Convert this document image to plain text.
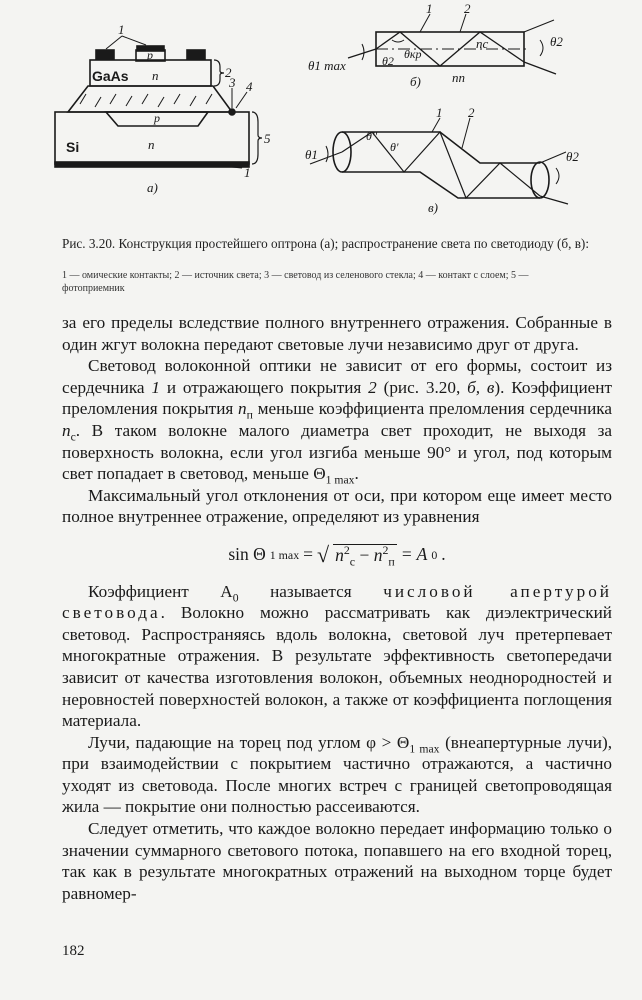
GaAs n
p
p
Si	n
1
2
3 4
5
1
а)
θ1 max	θ2 θкр
nc
nп
1 2
θ2
б)
θ1
θ''
θ'
1 2
θ2
в)
Рис. 3.20. Конструкция простейшего оптрона (а); распространение света по светодиоду (б, в):
1 — омические контакты; 2 — источник света; 3 — световод из селенового стекла; 4 — контакт с слоем; 5 — фотоприемник

за его пределы вследствие полного внутреннего отражения. Собранные в один жгут волокна передают световые лучи независимо друг от друга.

Световод волоконной оптики не зависит от его формы, состоит из сердечника 1 и отражающего покрытия 2 (рис. 3.20, б, в). Коэффициент преломления покрытия $n_п$ меньше коэффициента преломления сердечника $n_с$. В таком волокне малого диаметра свет проходит, не выходя за поверхность волокна, если угол изгиба меньше 90° и угол, под которым свет попадает в световод, меньше $\Theta_{1 max}$.

Максимальный угол отклонения от оси, при котором еще имеет место полное внутреннее отражение, определяют из уравнения

sin Θ 1 max = √ $n^2_с - n^2_п = A$ 0 .

Коэффициент $A_0$ называется числовой апертурой световода. Волокно можно рассматривать как диэлектрический световод. Распространяясь вдоль волокна, световой луч претерпевает многократные отражения. В результате эффективность светопередачи зависит от качества изготовления волокон, объемных неоднородностей и неровностей поверхностей волокон, а также от коэффициента поглощения материала.

Лучи, падающие на торец под углом $\varphi > \Theta_{1 max}$ (внеапертурные лучи), при взаимодействии с покрытием частично отражаются, а частично уходят из световода. После многих встреч с границей светопроводящая жила — покрытие они полностью рассеиваются.

Следует отметить, что каждое волокно передает информацию только о значении суммарного светового потока, попавшего на его входной торец, так как в результате многократных отражений на выходном торце будет равномер-

182
